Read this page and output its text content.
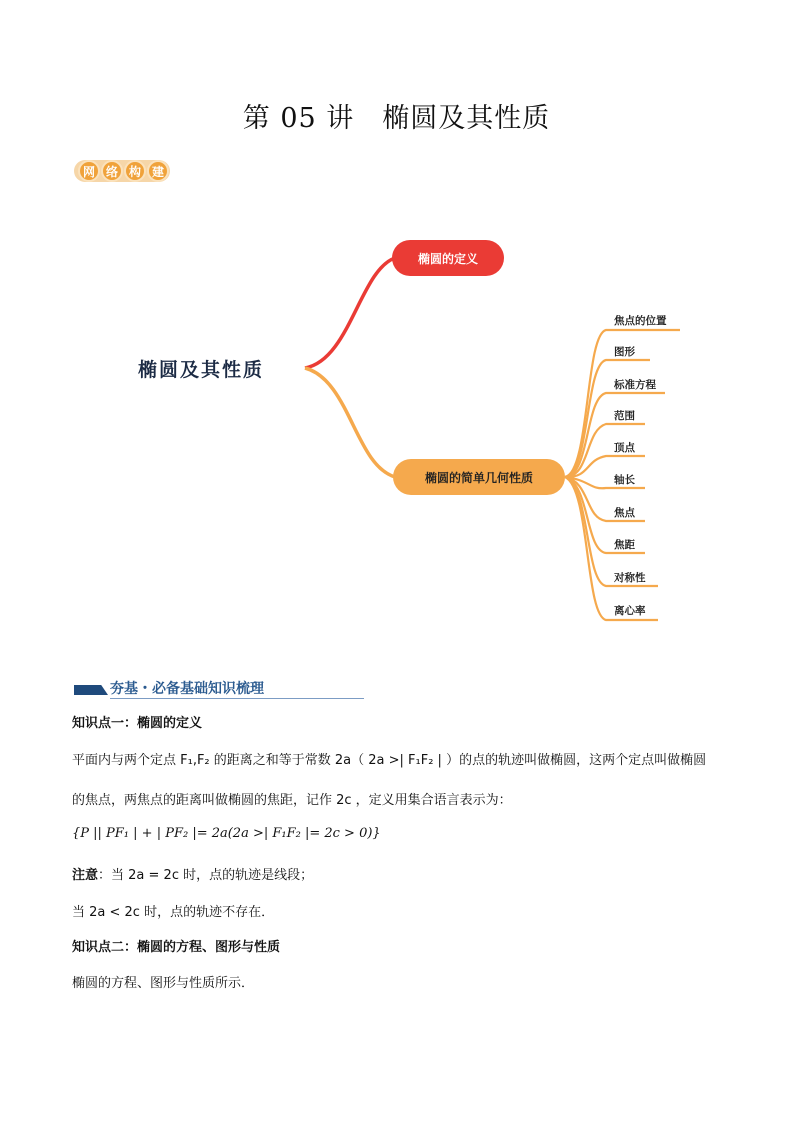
第 05 讲　椭圆及其性质
网 络 构 建
椭圆及其性质
椭圆的定义
椭圆的简单几何性质
焦点的位置
图形
标准方程
范围
顶点
轴长
焦点
焦距
对称性
离心率
夯基・必备基础知识梳理
知识点一：椭圆的定义
平面内与两个定点 F₁,F₂ 的距离之和等于常数 2a（ 2a >| F₁F₂ | ）的点的轨迹叫做椭圆，这两个定点叫做椭圆
的焦点，两焦点的距离叫做椭圆的焦距，记作 2c ，定义用集合语言表示为：
{P || PF₁ | + | PF₂ |= 2a(2a >| F₁F₂ |= 2c > 0)}
注意：当 2a = 2c 时，点的轨迹是线段；
当 2a < 2c 时，点的轨迹不存在．
知识点二：椭圆的方程、图形与性质
椭圆的方程、图形与性质所示．
